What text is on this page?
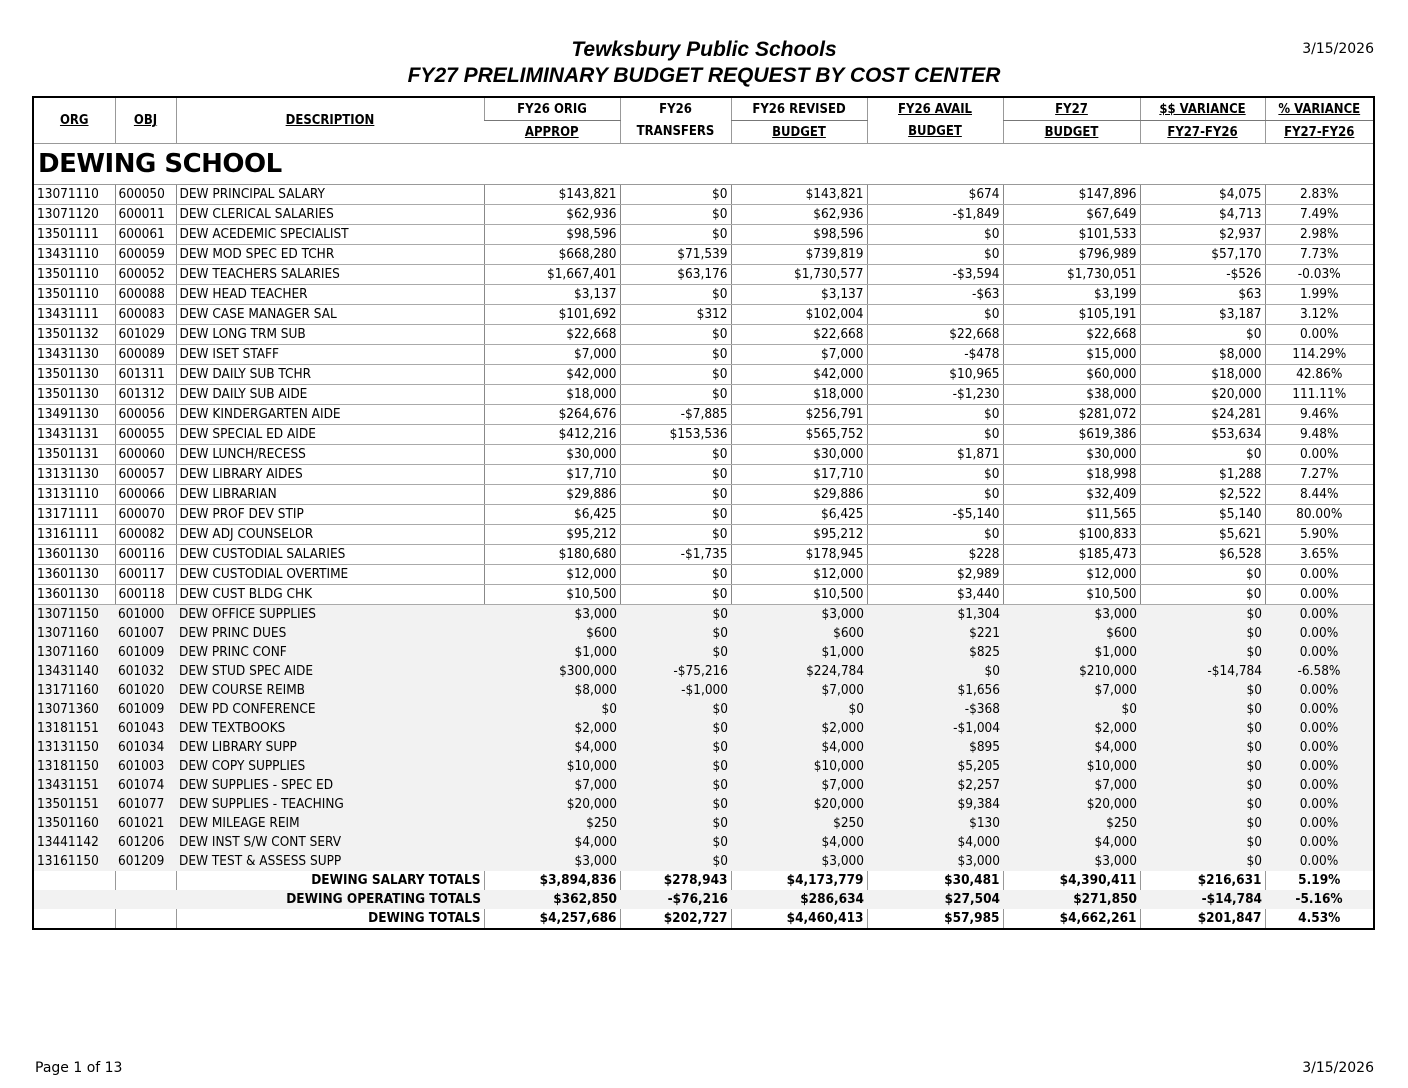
Tewksbury Public Schools
FY27 PRELIMINARY BUDGET REQUEST BY COST CENTER
3/15/2026
ORG	OBJ	DESCRIPTION	FY26 ORIG	FY26	FY26 REVISED	FY26 AVAIL	FY27	$$ VARIANCE	% VARIANCE
			APPROP	TRANSFERS	BUDGET	BUDGET	BUDGET	FY27-FY26	FY27-FY26
DEWING SCHOOL									
13071110	600050	DEW PRINCIPAL SALARY	$143,821	$0	$143,821	$674	$147,896	$4,075	2.83%
13071120	600011	DEW CLERICAL SALARIES	$62,936	$0	$62,936	-$1,849	$67,649	$4,713	7.49%
13501111	600061	DEW ACEDEMIC SPECIALIST	$98,596	$0	$98,596	$0	$101,533	$2,937	2.98%
13431110	600059	DEW MOD SPEC ED TCHR	$668,280	$71,539	$739,819	$0	$796,989	$57,170	7.73%
13501110	600052	DEW TEACHERS SALARIES	$1,667,401	$63,176	$1,730,577	-$3,594	$1,730,051	-$526	-0.03%
13501110	600088	DEW HEAD TEACHER	$3,137	$0	$3,137	-$63	$3,199	$63	1.99%
13431111	600083	DEW CASE MANAGER SAL	$101,692	$312	$102,004	$0	$105,191	$3,187	3.12%
13501132	601029	DEW LONG TRM SUB	$22,668	$0	$22,668	$22,668	$22,668	$0	0.00%
13431130	600089	DEW ISET STAFF	$7,000	$0	$7,000	-$478	$15,000	$8,000	114.29%
13501130	601311	DEW DAILY SUB TCHR	$42,000	$0	$42,000	$10,965	$60,000	$18,000	42.86%
13501130	601312	DEW DAILY SUB AIDE	$18,000	$0	$18,000	-$1,230	$38,000	$20,000	111.11%
13491130	600056	DEW KINDERGARTEN AIDE	$264,676	-$7,885	$256,791	$0	$281,072	$24,281	9.46%
13431131	600055	DEW SPECIAL ED AIDE	$412,216	$153,536	$565,752	$0	$619,386	$53,634	9.48%
13501131	600060	DEW LUNCH/RECESS	$30,000	$0	$30,000	$1,871	$30,000	$0	0.00%
13131130	600057	DEW LIBRARY AIDES	$17,710	$0	$17,710	$0	$18,998	$1,288	7.27%
13131110	600066	DEW LIBRARIAN	$29,886	$0	$29,886	$0	$32,409	$2,522	8.44%
13171111	600070	DEW PROF DEV STIP	$6,425	$0	$6,425	-$5,140	$11,565	$5,140	80.00%
13161111	600082	DEW ADJ COUNSELOR	$95,212	$0	$95,212	$0	$100,833	$5,621	5.90%
13601130	600116	DEW CUSTODIAL SALARIES	$180,680	-$1,735	$178,945	$228	$185,473	$6,528	3.65%
13601130	600117	DEW CUSTODIAL OVERTIME	$12,000	$0	$12,000	$2,989	$12,000	$0	0.00%
13601130	600118	DEW CUST BLDG CHK	$10,500	$0	$10,500	$3,440	$10,500	$0	0.00%
13071150	601000	DEW OFFICE SUPPLIES	$3,000	$0	$3,000	$1,304	$3,000	$0	0.00%
13071160	601007	DEW PRINC DUES	$600	$0	$600	$221	$600	$0	0.00%
13071160	601009	DEW PRINC CONF	$1,000	$0	$1,000	$825	$1,000	$0	0.00%
13431140	601032	DEW STUD SPEC AIDE	$300,000	-$75,216	$224,784	$0	$210,000	-$14,784	-6.58%
13171160	601020	DEW COURSE REIMB	$8,000	-$1,000	$7,000	$1,656	$7,000	$0	0.00%
13071360	601009	DEW PD CONFERENCE	$0	$0	$0	-$368	$0	$0	0.00%
13181151	601043	DEW TEXTBOOKS	$2,000	$0	$2,000	-$1,004	$2,000	$0	0.00%
13131150	601034	DEW LIBRARY SUPP	$4,000	$0	$4,000	$895	$4,000	$0	0.00%
13181150	601003	DEW COPY SUPPLIES	$10,000	$0	$10,000	$5,205	$10,000	$0	0.00%
13431151	601074	DEW SUPPLIES - SPEC ED	$7,000	$0	$7,000	$2,257	$7,000	$0	0.00%
13501151	601077	DEW SUPPLIES - TEACHING	$20,000	$0	$20,000	$9,384	$20,000	$0	0.00%
13501160	601021	DEW MILEAGE REIM	$250	$0	$250	$130	$250	$0	0.00%
13441142	601206	DEW INST S/W CONT SERV	$4,000	$0	$4,000	$4,000	$4,000	$0	0.00%
13161150	601209	DEW TEST & ASSESS SUPP	$3,000	$0	$3,000	$3,000	$3,000	$0	0.00%
		DEWING SALARY TOTALS	$3,894,836	$278,943	$4,173,779	$30,481	$4,390,411	$216,631	5.19%
		DEWING OPERATING TOTALS	$362,850	-$76,216	$286,634	$27,504	$271,850	-$14,784	-5.16%
		DEWING TOTALS	$4,257,686	$202,727	$4,460,413	$57,985	$4,662,261	$201,847	4.53%
Page 1 of 13	3/15/2026
